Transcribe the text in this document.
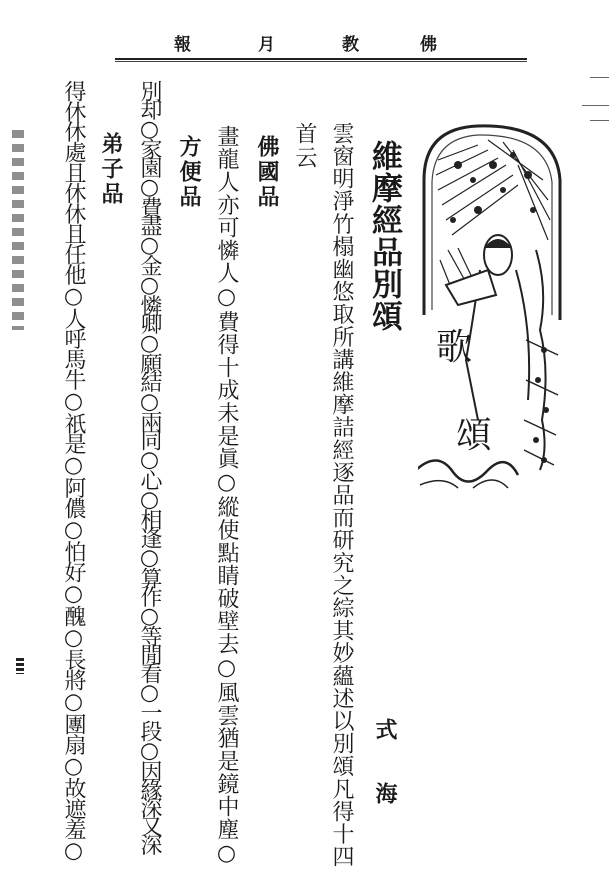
佛
教
月
報
歌
頌
維摩經品別頌
式　海
雲窗明淨竹榻幽悠取所講維摩詰經逐品而研究之綜其妙蘊述以別頌凡得十四
首云
佛國品
畫龍人亦可憐人○費得十成未是眞○縱使點睛破壁去○風雲猶是鏡中塵○
方便品
別却○家園○費盡○金○憐卿○願結○兩同○心○相逢○算作○等閒看○一段○因緣深又深
弟子品
得休休處且休休且任他○人呼馬牛○祇是○阿儂○怕好○醜○長將○團扇○故遮羞○
